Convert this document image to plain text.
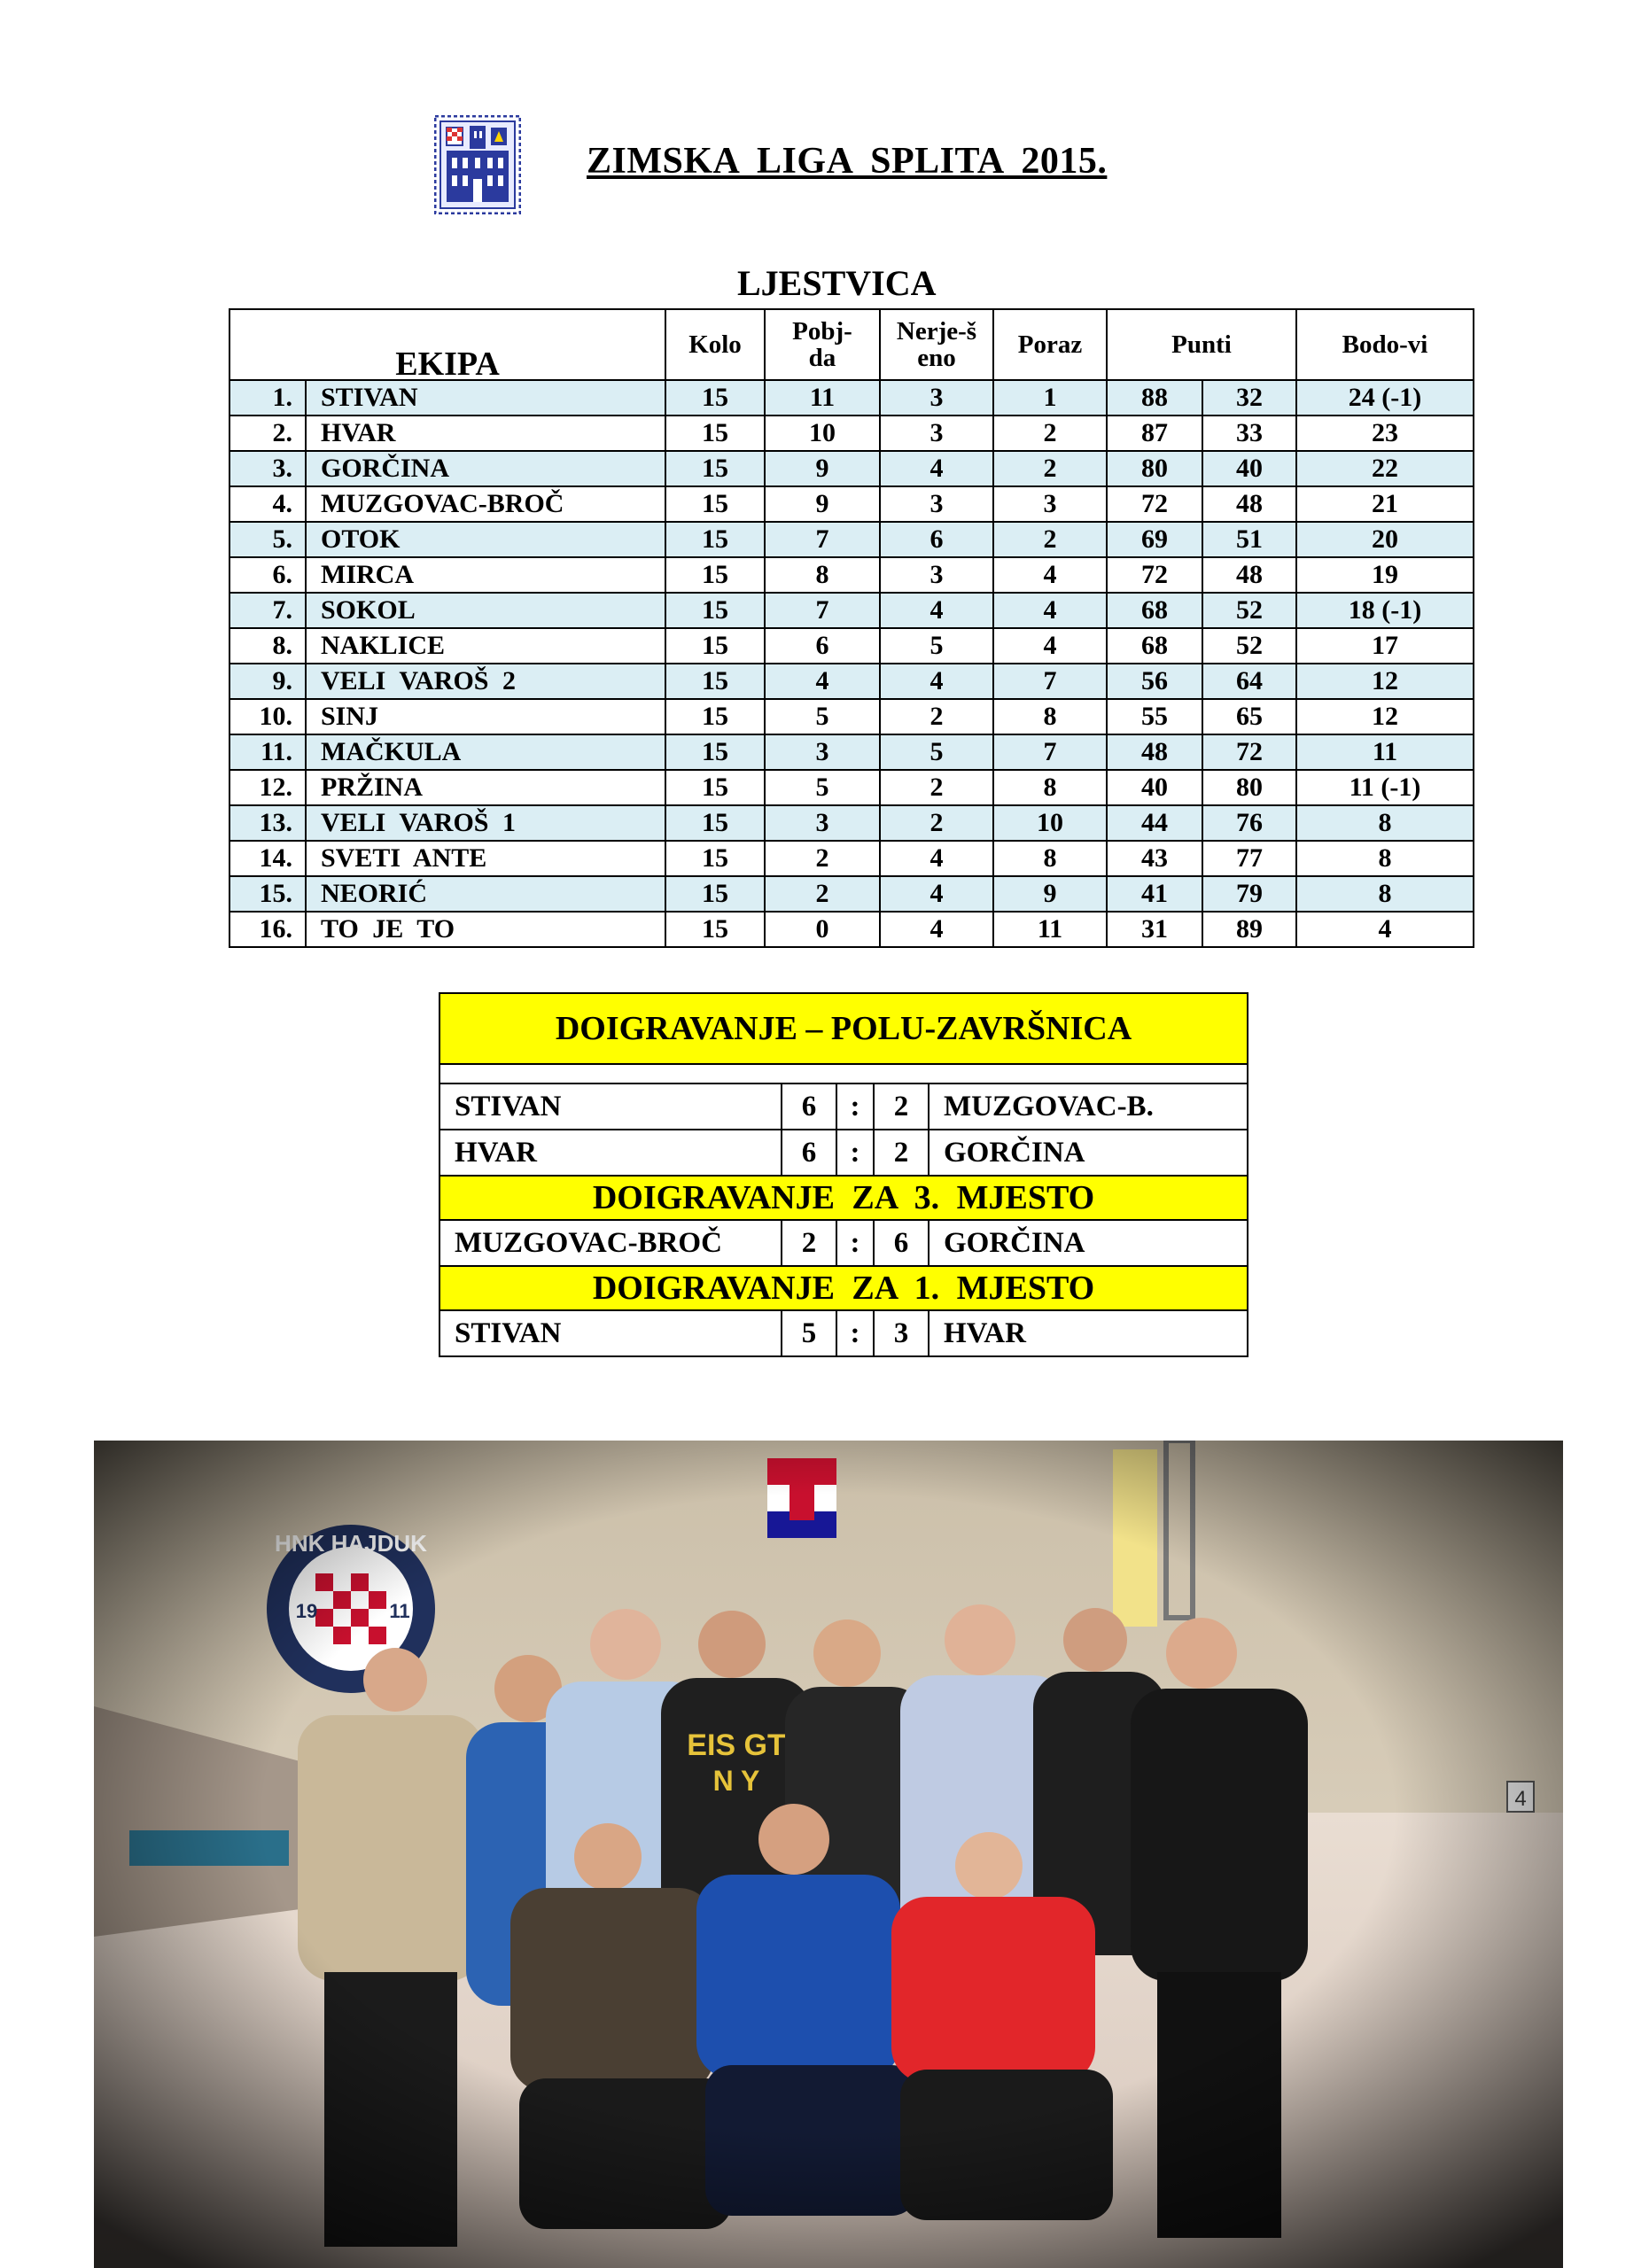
ZIMSKA LIGA SPLITA 2015.
LJESTVICA
EKIPA		Kolo	Pobj-da	Nerje-šeno	Poraz	Punti		Bodo-vi
1.	STIVAN	15	11	3	1	88	32	24 (-1)
2.	HVAR	15	10	3	2	87	33	23
3.	GORČINA	15	9	4	2	80	40	22
4.	MUZGOVAC-BROČ	15	9	3	3	72	48	21
5.	OTOK	15	7	6	2	69	51	20
6.	MIRCA	15	8	3	4	72	48	19
7.	SOKOL	15	7	4	4	68	52	18 (-1)
8.	NAKLICE	15	6	5	4	68	52	17
9.	VELI VAROŠ 2	15	4	4	7	56	64	12
10.	SINJ	15	5	2	8	55	65	12
11.	MAČKULA	15	3	5	7	48	72	11
12.	PRŽINA	15	5	2	8	40	80	11 (-1)
13.	VELI VAROŠ 1	15	3	2	10	44	76	8
14.	SVETI ANTE	15	2	4	8	43	77	8
15.	NEORIĆ	15	2	4	9	41	79	8
16.	TO JE TO	15	0	4	11	31	89	4
DOIGRAVANJE – POLU-ZAVRŠNICA				

STIVAN	6	:	2	MUZGOVAC-B.
HVAR	6	:	2	GORČINA
DOIGRAVANJE ZA 3. MJESTO				
MUZGOVAC-BROČ	2	:	6	GORČINA
DOIGRAVANJE ZA 1. MJESTO				
STIVAN	5	:	3	HVAR
